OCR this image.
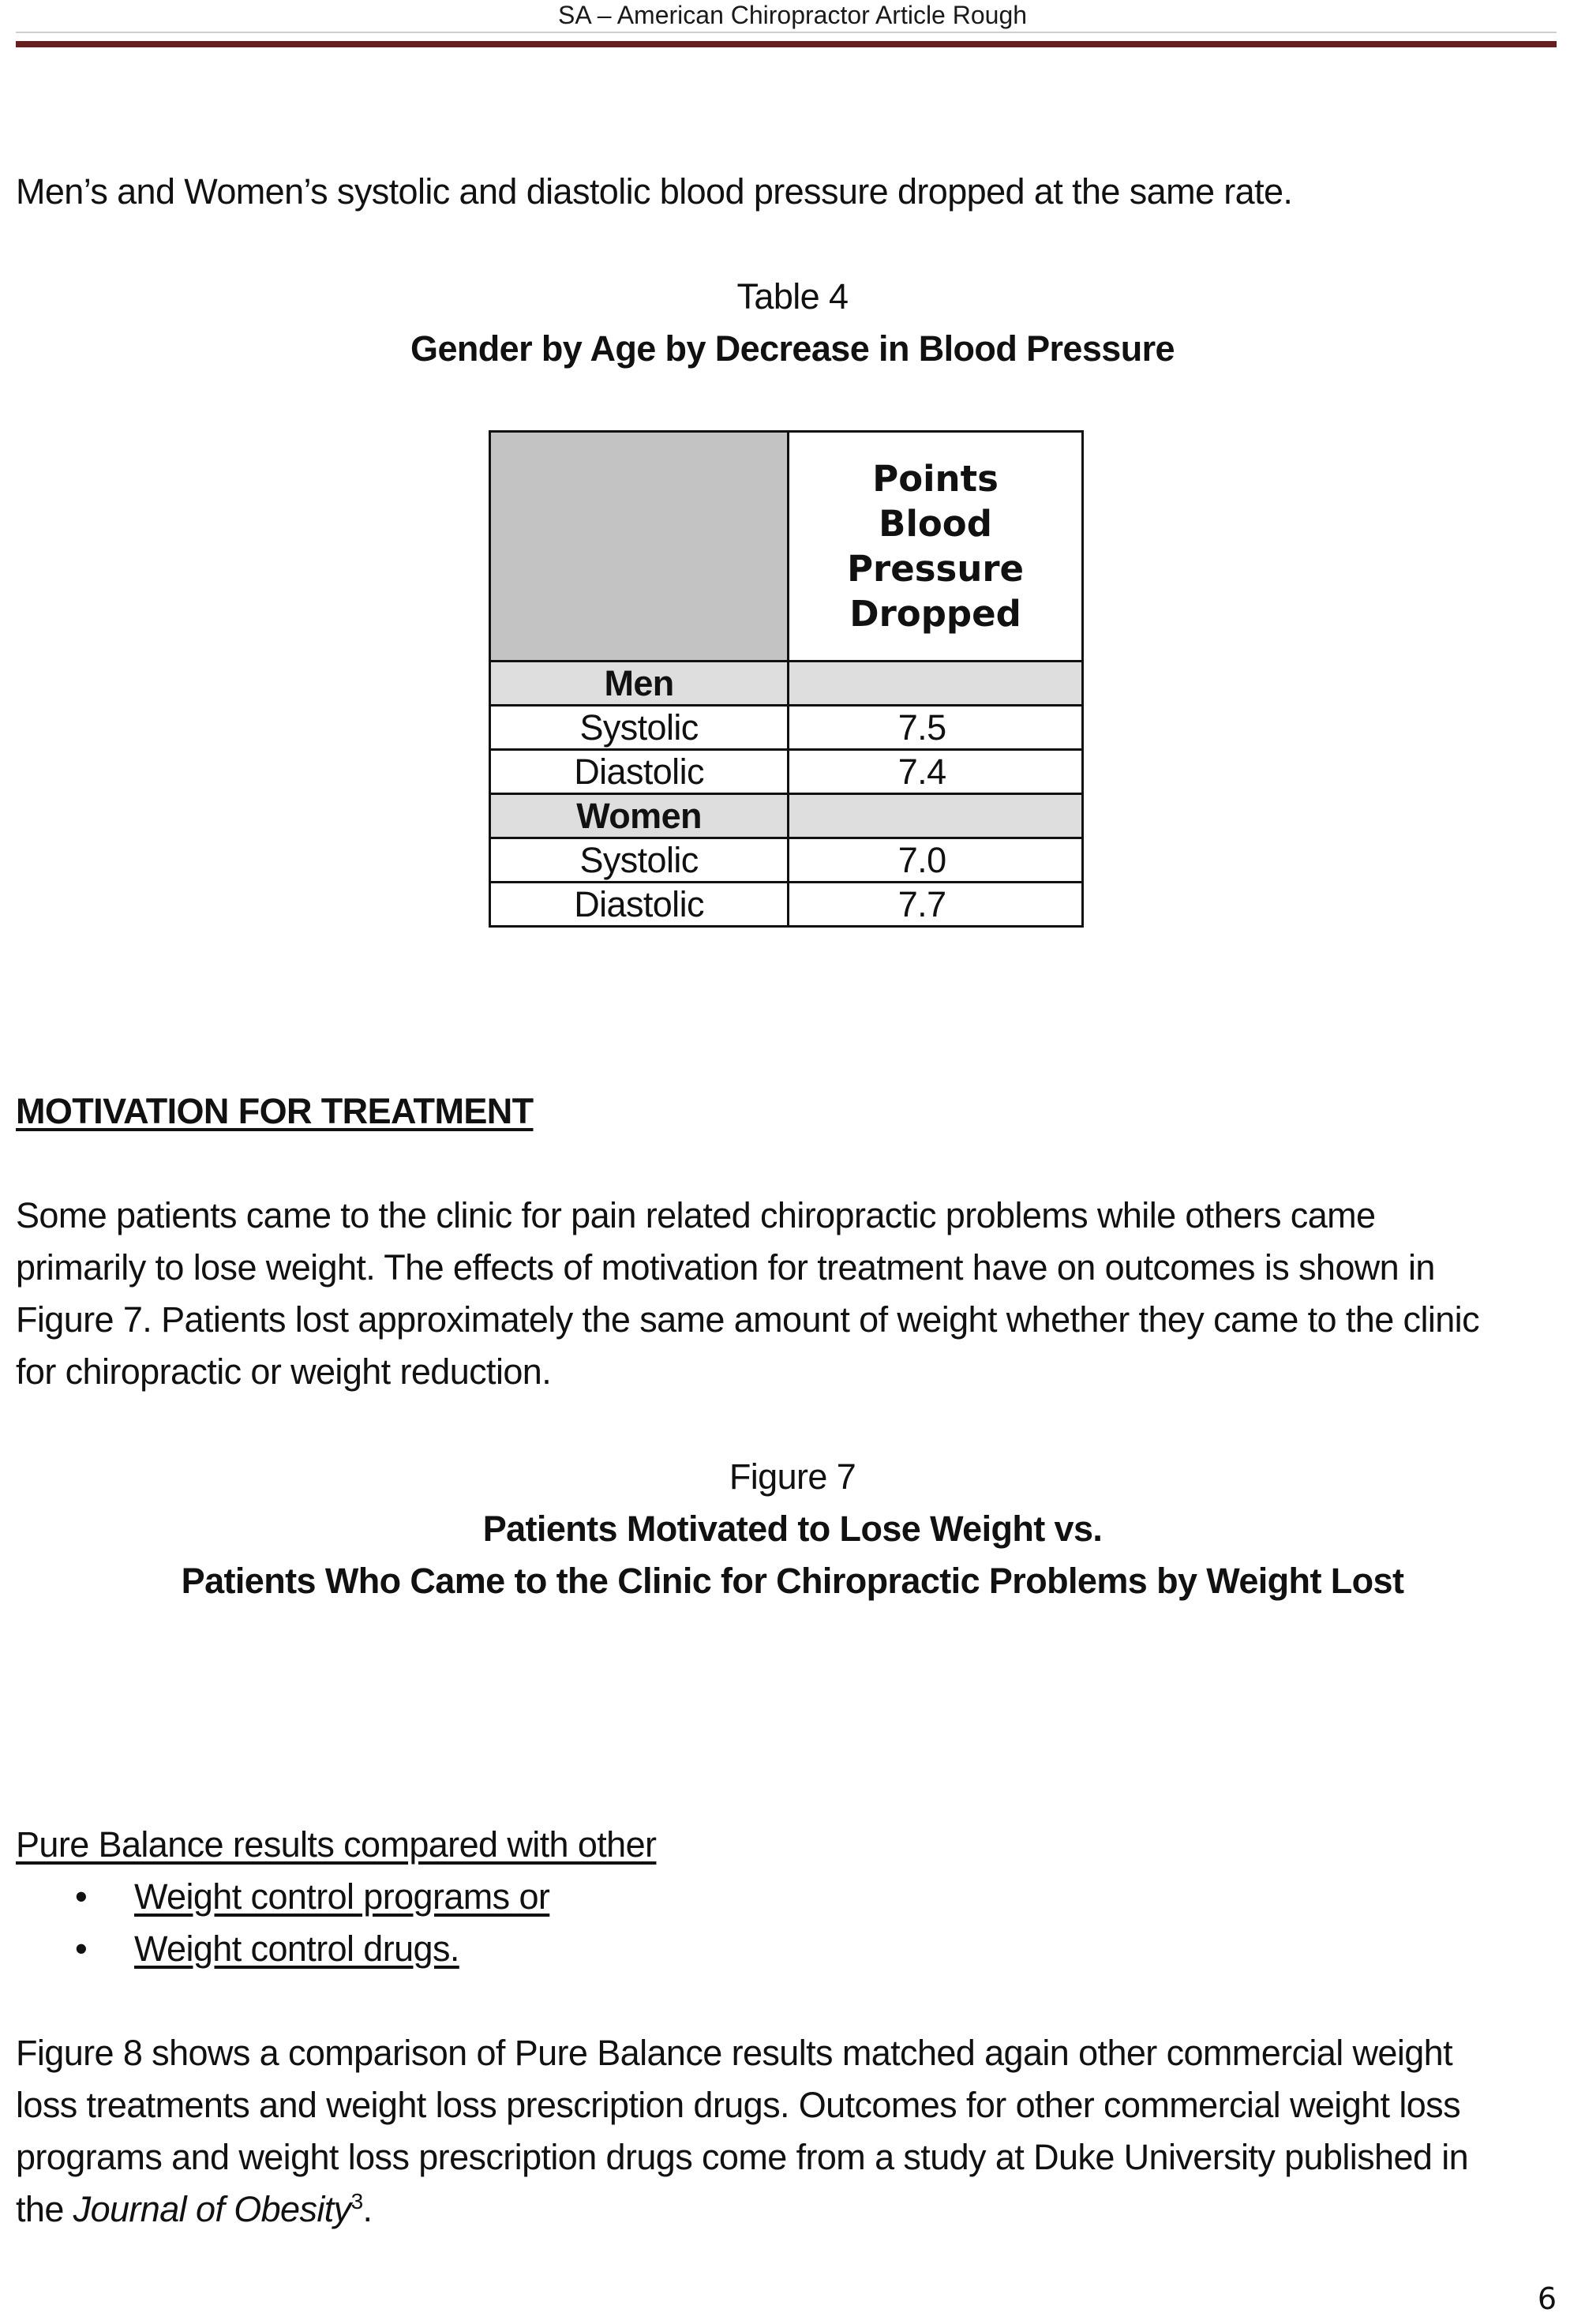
SA – American Chiropractor Article Rough
Men’s and Women’s systolic and diastolic blood pressure dropped at the same rate.
Table 4
Gender by Age by Decrease in Blood Pressure

	Points
Blood
Pressure
Dropped

Men	
Systolic	7.5
Diastolic	7.4
Women	
Systolic	7.0
Diastolic	7.7
MOTIVATION FOR TREATMENT
Some patients came to the clinic for pain related chiropractic problems while others came
primarily to lose weight. The effects of motivation for treatment have on outcomes is shown in
Figure 7. Patients lost approximately the same amount of weight whether they came to the clinic
for chiropractic or weight reduction.
Figure 7
Patients Motivated to Lose Weight vs.
Patients Who Came to the Clinic for Chiropractic Problems by Weight Lost
Pure Balance results compared with other
• Weight control programs or
• Weight control drugs.
Figure 8 shows a comparison of Pure Balance results matched again other commercial weight
loss treatments and weight loss prescription drugs. Outcomes for other commercial weight loss
programs and weight loss prescription drugs come from a study at Duke University published in
the Journal of Obesity$^3$.
6
